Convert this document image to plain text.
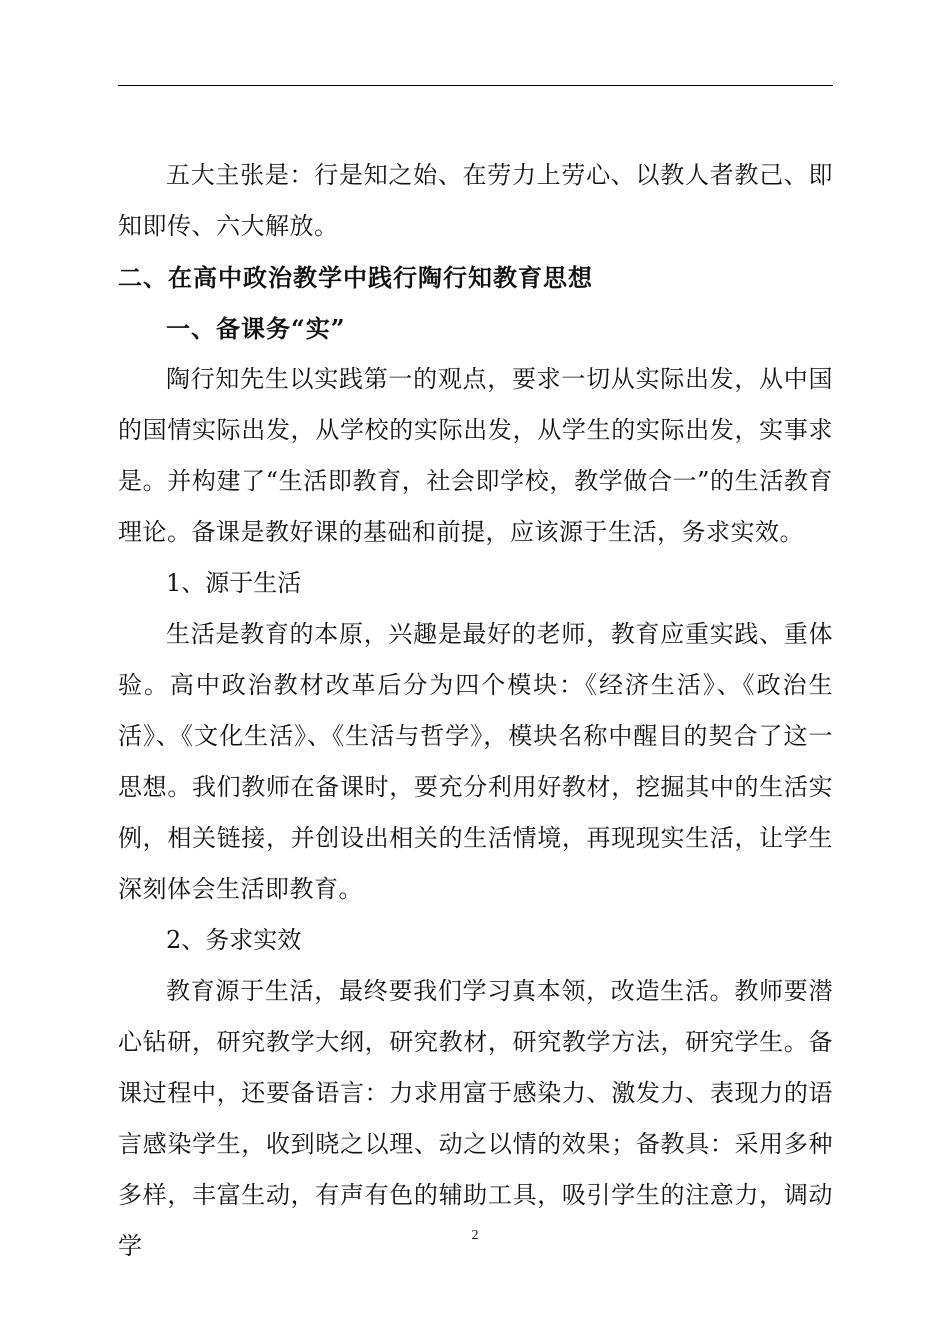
五大主张是：行是知之始、在劳力上劳心、以教人者教己、即知即传、六大解放。

二、在高中政治教学中践行陶行知教育思想

一、备课务“实”

陶行知先生以实践第一的观点，要求一切从实际出发，从中国的国情实际出发，从学校的实际出发，从学生的实际出发，实事求是。并构建了“生活即教育，社会即学校，教学做合一”的生活教育理论。备课是教好课的基础和前提，应该源于生活，务求实效。

1、源于生活

生活是教育的本原，兴趣是最好的老师，教育应重实践、重体验。高中政治教材改革后分为四个模块：《经济生活》、《政治生活》、《文化生活》、《生活与哲学》，模块名称中醒目的契合了这一思想。我们教师在备课时，要充分利用好教材，挖掘其中的生活实例，相关链接，并创设出相关的生活情境，再现现实生活，让学生深刻体会生活即教育。

2、务求实效

教育源于生活，最终要我们学习真本领，改造生活。教师要潜心钻研，研究教学大纲，研究教材，研究教学方法，研究学生。备课过程中，还要备语言：力求用富于感染力、激发力、表现力的语言感染学生，收到晓之以理、动之以情的效果；备教具：采用多种多样，丰富生动，有声有色的辅助工具，吸引学生的注意力，调动学	2
